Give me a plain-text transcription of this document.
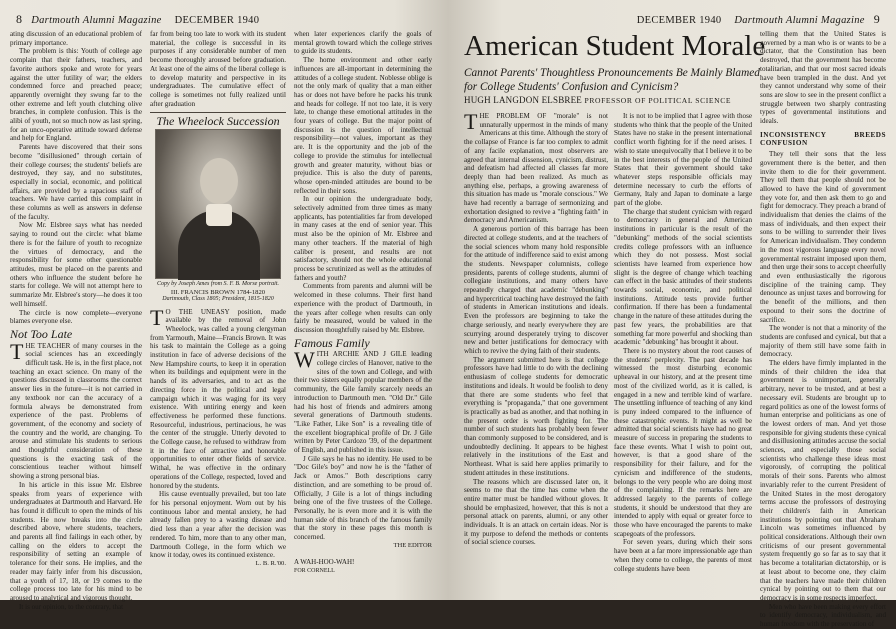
8 Dartmouth Alumni Magazine DECEMBER 1940

ating discussion of an educational problem of primary importance.

The problem is this: Youth of college age complain that their fathers, teachers, and favorite authors spoke and wrote for years against the utter futility of war; the elders condemned force and preached peace; apparently overnight they swung far to the other extreme and left youth clutching olive branches, in complete confusion. This is the alibi of youth, not so much now as last spring, for an unco-operative attitude toward defense and help for England.

Parents have discovered that their sons become "disillusioned" through certain of their college courses; the students' beliefs are destroyed, they say, and no substitutes, especially in social, economic, and political affairs, are provided by a rapacious staff of teachers. We have carried this complaint in these columns as well as answers in defense of the faculty.

Now Mr. Elsbree says what has needed saying to round out the circle: what blame there is for the failure of youth to recognize the virtues of democracy, and the responsibility for some other questionable attitudes, must be placed on the parents and others who influence the student before he starts for college. We will not attempt here to summarize Mr. Elsbree's story—he does it too well himself.

The circle is now complete—everyone blames everyone else.

Not Too Late

THE TEACHER of many courses in the social sciences has an exceedingly difficult task. He is, in the first place, not teaching an exact science. On many of the questions discussed in classrooms the correct answer lies in the future—it is not carried in any textbook nor can the accuracy of a formula always be demonstrated from experience of the past. Problems of government, of the economy and society of the country and the world, are changing. To arouse and stimulate his students to serious and thoughtful consideration of these questions is the exacting task of the conscientious teacher without himself showing a strong personal bias.

In his article in this issue Mr. Elsbree speaks from years of experience with undergraduates at Dartmouth and Harvard. He has found it difficult to open the minds of his students. He now breaks into the circle described above, where students, teachers, and parents all find failings in each other, by calling on the elders to accept the responsibility of setting an example of tolerance for their sons. He implies, and the reader may fairly infer from his discussion, that a youth of 17, 18, or 19 comes to the college process too late for his mind to be aroused to analytical and vigorous thought.

It is our opinion, to the contrary, that

far from being too late to work with its student material, the college is successful in its purposes if any considerable number of men become thoroughly aroused before graduation. At least one of the aims of the liberal college is to develop maturity and perspective in its undergraduates. The cumulative effect of college is sometimes not fully realized until after graduation

The Wheelock Succession
Copy by Joseph Ames from S. F. B. Morse portrait.
III. FRANCIS BROWN 1784-1820
Dartmouth, Class 1805; President, 1815-1820

T O THE UNEASY position, made available by the removal of John Wheelock, was called a young clergyman from Yarmouth, Maine—Francis Brown. It was his task to maintain the College as a going institution in face of adverse decisions of the New Hampshire courts, to keep it in operation when its buildings and equipment were in the hands of its adversaries, and to act as the directing force in the political and legal campaign which it was waging for its very existence. With untiring energy and keen effectiveness he performed these functions. Resourceful, industrious, pertinacious, he was the center of the struggle. Utterly devoted to the College cause, he refused to withdraw from it in the face of attractive and honorable opportunities to enter other fields of service. Withal, he was effective in the ordinary operations of the College, respected, loved and honored by the students.

His cause eventually prevailed, but too late for his personal enjoyment. Worn out by his continuous labor and mental anxiety, he had already fallen prey to a wasting disease and died less than a year after the decision was rendered. To him, more than to any other man, Dartmouth College, in the form which we know it today, owes its continued existence.

L. B. R.'00.

when later experiences clarify the goals of mental growth toward which the college strives to guide its students.

The home environment and other early influences are all-important in determining the attitudes of a college student. Noblesse oblige is not the only mark of quality that a man either has or does not have before he packs his trunk and heads for college. If not too late, it is very late, to change these emotional attitudes in the four years of college. But the major point of discussion is the question of intellectual responsibility—not values, important as they are. It is the opportunity and the job of the college to provide the stimulus for intellectual growth and greater maturity, without bias or prejudice. This is also the duty of parents, whose open-minded attitudes are bound to be reflected in their sons.

In our opinion the undergraduate body, selectively admitted from three times as many applicants, has potentialities far from developed in many cases at the end of senior year. This must also be the opinion of Mr. Elsbree and many other teachers. If the material of high caliber is present, and results are not satisfactory, should not the whole educational process be scrutinized as well as the attitudes of fathers and youth?

Comments from parents and alumni will be welcomed in these columns. Their first hand experience with the product of Dartmouth, in the years after college when results can only fairly be measured, would be valued in the discussion thoughtfully raised by Mr. Elsbree.

Famous Family

WITH ARCHIE AND J GILE leading college circles of Hanover, native to the sites of the town and College, and with their two sisters equally popular members of the community, the Gile family scarcely needs an introduction to Dartmouth men. "Old Dr." Gile had his host of friends and admirers among several generations of Dartmouth students. "Like Father, Like Son" is a revealing title of the excellent biographical profile of Dr. J Gile written by Peter Cardozo '39, of the department of English, and published in this issue.

J Gile says he has no identity. He used to be "Doc Gile's boy" and now he is the "father of Jack or Amos." Both descriptions carry distinction, and are something to be proud of. Officially, J Gile is a lot of things including being one of the five trustees of the College. Personally, he is even more and it is with the human side of this branch of the famous family that the story in these pages this month is concerned.

THE EDITOR
A WAH-HOO-WAH!
FOR CORNELL
DECEMBER 1940 Dartmouth Alumni Magazine 9
American Student Morale
Cannot Parents' Thoughtless Pronouncements Be Mainly Blamed for College Students' Confusion and Cynicism?
HUGH LANGDON ELSBREE PROFESSOR OF POLITICAL SCIENCE

THE PROBLEM OF "morale" is not unnaturally uppermost in the minds of many Americans at this time. Although the story of the collapse of France is far too complex to admit of any facile explanation, most observers are agreed that internal dissension, cynicism, distrust, and defeatism had affected all classes far more deeply than had been realized. As much as anything else, perhaps, a growing awareness of this situation has made us "morale conscious." We have had recently a barrage of sermonizing and exhortation designed to revive a "fighting faith" in democracy and Americanism.

A generous portion of this barrage has been directed at college students, and at the teachers of the social sciences whom many hold responsible for the attitude of indifference said to exist among the students. Newspaper columnists, college presidents, parents of college students, alumni of collegiate institutions, and many others have repeatedly charged that academic "debunking" and hypercritical teaching have destroyed the faith of students in American institutions and ideals. Even the professors are beginning to take the charge seriously, and nearly everywhere they are scurrying around desperately trying to discover new and better justifications for democracy with which to revive the dying faith of their students.

The argument submitted here is that college professors have had little to do with the declining enthusiasm of college students for democratic institutions and ideals. It would be foolish to deny that there are some students who feel that everything is "propaganda," that one government is practically as bad as another, and that nothing in the present order is worth fighting for. The number of such students has probably been fewer than commonly supposed to be considered, and is undoubtedly declining. It appears to be highest relatively in the institutions of the East and Northeast. What is said here applies primarily to student attitudes in these institutions.

The reasons which are discussed later on, it seems to me that the time has come when the entire matter must be handled without gloves. It should be emphasized, however, that this is not a personal attack on parents, alumni, or any other individuals. It is an attack on certain ideas. Nor is it my purpose to defend the methods or contents of social science courses.

It is not to be implied that I agree with those students who think that the people of the United States have no stake in the present international conflict worth fighting for if the need arises. I wish to state unequivocally that I believe it to be in the best interests of the people of the United States that their government should take whatever steps responsible officials may determine necessary to curb the efforts of Germany, Italy and Japan to dominate a large part of the globe.

The charge that student cynicism with regard to democracy in general and American institutions in particular is the result of the "debunking" methods of the social scientists credits college professors with an influence which they do not possess. Most social scientists have learned from experience how slight is the degree of change which teaching can effect in the basic attitudes of their students towards social, economic, and political institutions. Attitude tests provide further confirmation. If there has been a fundamental change in the nature of these attitudes during the past few years, the probabilities are that something far more powerful and shocking than academic "debunking" has brought it about.

There is no mystery about the root causes of the students' perplexity. The past decade has witnessed the most disturbing economic upheaval in our history, and at the present time most of the civilized world, as it is called, is engaged in a new and terrible kind of warfare. The unsettling influence of teaching of any kind is puny indeed compared to the influence of these catastrophic events. It might as well be admitted that social scientists have had no great measure of success in preparing the students to face these events. What I wish to point out, however, is that a good share of the responsibility for their failure, and for the cynicism and indifference of the students, belongs to the very people who are doing most of the complaining. If the remarks here are addressed largely to the parents of college students, it should be understood that they are intended to apply with equal or greater force to those who have encouraged the parents to make scapegoats of the professors.

For seven years, during which their sons have been at a far more impressionable age than when they come to college, the parents of most college students have been

telling them that the United States is governed by a man who is or wants to be a dictator, that the Constitution has been destroyed, that the government has become totalitarian, and that our most sacred ideals have been trampled in the dust. And yet they cannot understand why some of their sons are slow to see in the present conflict a struggle between two sharply contrasting types of governmental institutions and ideals.

INCONSISTENCY BREEDS CONFUSION

They tell their sons that the less government there is the better, and then invite them to die for their government. They tell them that people should not be allowed to have the kind of government they vote for, and then ask them to go and fight for democracy. They preach a brand of individualism that denies the claims of the mass of individuals, and then expect their sons to be willing to surrender their lives for American individualism. They condemn in the most vigorous language every novel governmental restraint imposed upon them, and then urge their sons to accept cheerfully and even enthusiastically the rigorous discipline of the training camp. They denounce as unjust taxes and borrowing for the benefit of the millions, and then expound to their sons the doctrine of sacrifice.

The wonder is not that a minority of the students are confused and cynical, but that a majority of them still have some faith in democracy.

The elders have firmly implanted in the minds of their children the idea that government is unimportant, generally arbitrary, never to be trusted, and at best a necessary evil. Students are brought up to regard politics as one of the lowest forms of human enterprise and politicians as one of the lowest orders of man. And yet those responsible for giving students these cynical and disillusioning attitudes accuse the social sciences, and especially those social scientists who challenge these ideas most vigorously, of corrupting the political morals of their sons. Parents who almost invariably refer to the current President of the United States in the most derogatory terms accuse the professors of destroying their children's faith in American institutions by pointing out that Abraham Lincoln was sometimes influenced by political considerations. Although their own criticisms of our present governmental system frequently go so far as to say that it has become a totalitarian dictatorship, or is at least about to become one, they claim that the teachers have made their children cynical by pointing out to them that our democracy is in some respects imperfect.

Men who have been making every effort to identify democracy, individualism, and human freedom with the preservation of
